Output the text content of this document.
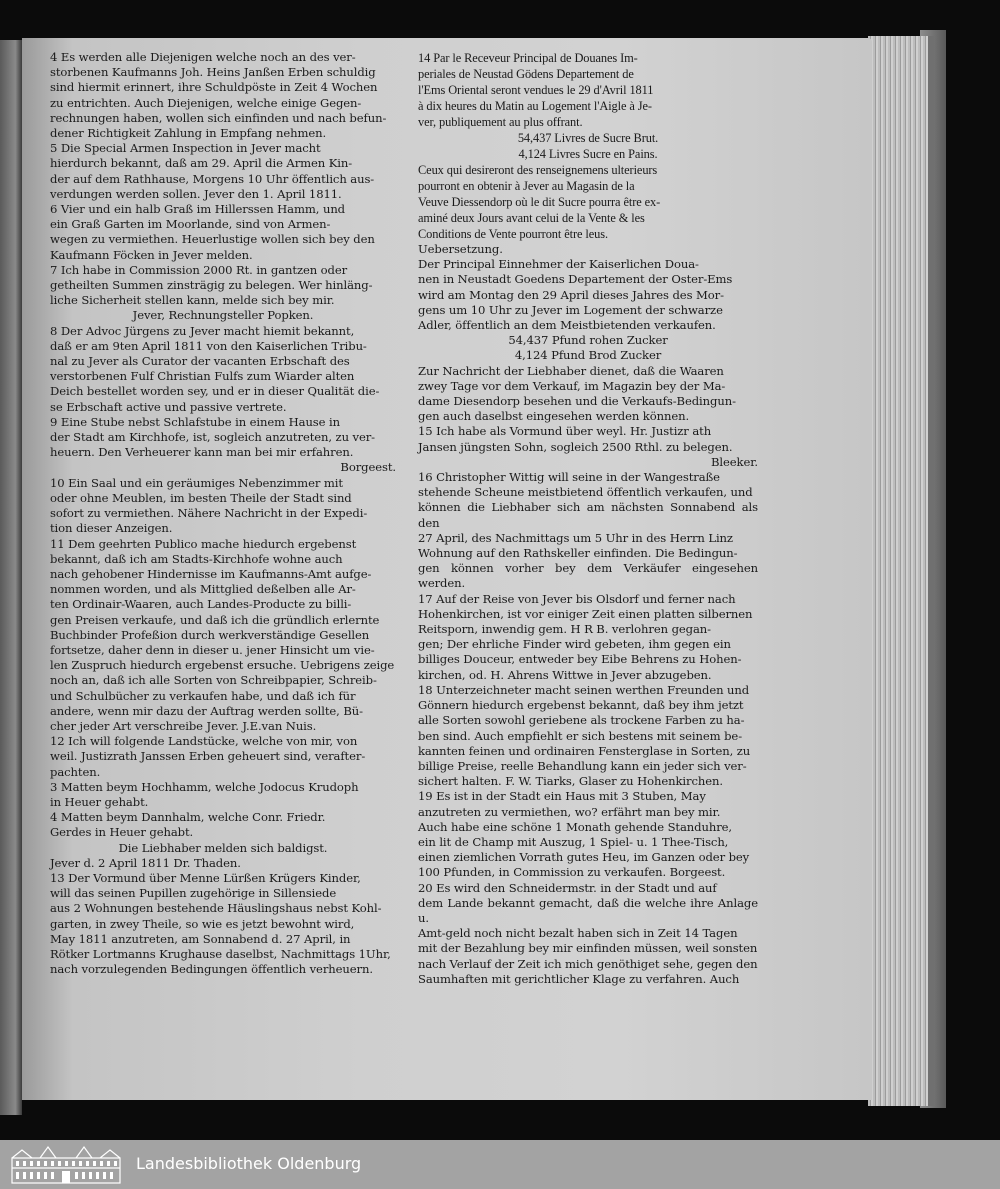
4 Es werden alle Diejenigen welche noch an des ver-
storbenen Kaufmanns Joh. Heins Janßen Erben schuldig
sind hiermit erinnert, ihre Schuldpöste in Zeit 4 Wochen
zu entrichten. Auch Diejenigen, welche einige Gegen-
rechnungen haben, wollen sich einfinden und nach befun-
dener Richtigkeit Zahlung in Empfang nehmen.

5 Die Special Armen Inspection in Jever macht
hierdurch bekannt, daß am 29. April die Armen Kin-
der auf dem Rathhause, Morgens 10 Uhr öffentlich aus-
verdungen werden sollen. Jever den 1. April 1811.

6 Vier und ein halb Graß im Hillerssen Hamm, und
ein Graß Garten im Moorlande, sind von Armen-
wegen zu vermiethen. Heuerlustige wollen sich bey den
Kaufmann Föcken in Jever melden.

7 Ich habe in Commission 2000 Rt. in gantzen oder
getheilten Summen zinsträgig zu belegen. Wer hinläng-
liche Sicherheit stellen kann, melde sich bey mir.

Jever, Rechnungsteller Popken.

8 Der Advoc Jürgens zu Jever macht hiemit bekannt,
daß er am 9ten April 1811 von den Kaiserlichen Tribu-
nal zu Jever als Curator der vacanten Erbschaft des
verstorbenen Fulf Christian Fulfs zum Wiarder alten
Deich bestellet worden sey, und er in dieser Qualität die-
se Erbschaft active und passive vertrete.

9 Eine Stube nebst Schlafstube in einem Hause in
der Stadt am Kirchhofe, ist, sogleich anzutreten, zu ver-
heuern. Den Verheuerer kann man bei mir erfahren.

Borgeest.

10 Ein Saal und ein geräumiges Nebenzimmer mit
oder ohne Meublen, im besten Theile der Stadt sind
sofort zu vermiethen. Nähere Nachricht in der Expedi-
tion dieser Anzeigen.

11 Dem geehrten Publico mache hiedurch ergebenst
bekannt, daß ich am Stadts-Kirchhofe wohne auch
nach gehobener Hindernisse im Kaufmanns-Amt aufge-
nommen worden, und als Mittglied deßelben alle Ar-
ten Ordinair-Waaren, auch Landes-Producte zu billi-
gen Preisen verkaufe, und daß ich die gründlich erlernte
Buchbinder Profeßion durch werkverständige Gesellen
fortsetze, daher denn in dieser u. jener Hinsicht um vie-
len Zuspruch hiedurch ergebenst ersuche. Uebrigens zeige
noch an, daß ich alle Sorten von Schreibpapier, Schreib-
und Schulbücher zu verkaufen habe, und daß ich für
andere, wenn mir dazu der Auftrag werden sollte, Bü-
cher jeder Art verschreibe Jever. J.E.van Nuis.

12 Ich will folgende Landstücke, welche von mir, von
weil. Justizrath Janssen Erben geheuert sind, verafter-
pachten.

3 Matten beym Hochhamm, welche Jodocus Krudoph
in Heuer gehabt.

4 Matten beym Dannhalm, welche Conr. Friedr.
Gerdes in Heuer gehabt.

Die Liebhaber melden sich baldigst.

Jever d. 2 April 1811 Dr. Thaden.

13 Der Vormund über Menne Lürßen Krügers Kinder,
will das seinen Pupillen zugehörige in Sillensiede
aus 2 Wohnungen bestehende Häuslingshaus nebst Kohl-
garten, in zwey Theile, so wie es jetzt bewohnt wird,
May 1811 anzutreten, am Sonnabend d. 27 April, in
Rötker Lortmanns Krughause daselbst, Nachmittags 1Uhr,
nach vorzulegenden Bedingungen öffentlich verheuern.

14 Par le Receveur Principal de Douanes Im-
periales de Neustad Gödens Departement de
l'Ems Oriental seront vendues le 29 d'Avril 1811
à dix heures du Matin au Logement l'Aigle à Je-
ver, publiquement au plus offrant.

54,437 Livres de Sucre Brut.

4,124 Livres Sucre en Pains.

Ceux qui desireront des renseignemens ulterieurs
pourront en obtenir à Jever au Magasin de la
Veuve Diessendorp où le dit Sucre pourra être ex-
aminé deux Jours avant celui de la Vente & les
Conditions de Vente pourront être leus.

Uebersetzung.

Der Principal Einnehmer der Kaiserlichen Doua-
nen in Neustadt Goedens Departement der Oster-Ems
wird am Montag den 29 April dieses Jahres des Mor-
gens um 10 Uhr zu Jever im Logement der schwarze
Adler, öffentlich an dem Meistbietenden verkaufen.

54,437 Pfund rohen Zucker

4,124 Pfund Brod Zucker

Zur Nachricht der Liebhaber dienet, daß die Waaren
zwey Tage vor dem Verkauf, im Magazin bey der Ma-
dame Diesendorp besehen und die Verkaufs-Bedingun-
gen auch daselbst eingesehen werden können.

15 Ich habe als Vormund über weyl. Hr. Justizr ath
Jansen jüngsten Sohn, sogleich 2500 Rthl. zu belegen.

Bleeker.

16 Christopher Wittig will seine in der Wangestraße
stehende Scheune meistbietend öffentlich verkaufen, und
können die Liebhaber sich am nächsten Sonnabend als den
27 April, des Nachmittags um 5 Uhr in des Herrn Linz
Wohnung auf den Rathskeller einfinden. Die Bedingun-
gen können vorher bey dem Verkäufer eingesehen werden.

17 Auf der Reise von Jever bis Olsdorf und ferner nach
Hohenkirchen, ist vor einiger Zeit einen platten silbernen
Reitsporn, inwendig gem. H R B. verlohren gegan-
gen; Der ehrliche Finder wird gebeten, ihm gegen ein
billiges Douceur, entweder bey Eibe Behrens zu Hohen-
kirchen, od. H. Ahrens Wittwe in Jever abzugeben.

18 Unterzeichneter macht seinen werthen Freunden und
Gönnern hiedurch ergebenst bekannt, daß bey ihm jetzt
alle Sorten sowohl geriebene als trockene Farben zu ha-
ben sind. Auch empfiehlt er sich bestens mit seinem be-
kannten feinen und ordinairen Fensterglase in Sorten, zu
billige Preise, reelle Behandlung kann ein jeder sich ver-
sichert halten. F. W. Tiarks, Glaser zu Hohenkirchen.

19 Es ist in der Stadt ein Haus mit 3 Stuben, May
anzutreten zu vermiethen, wo? erfährt man bey mir.
Auch habe eine schöne 1 Monath gehende Standuhre,
ein lit de Champ mit Auszug, 1 Spiel- u. 1 Thee-Tisch,
einen ziemlichen Vorrath gutes Heu, im Ganzen oder bey
100 Pfunden, in Commission zu verkaufen. Borgeest.

20 Es wird den Schneidermstr. in der Stadt und auf
dem Lande bekannt gemacht, daß die welche ihre Anlage u.
Amt-geld noch nicht bezalt haben sich in Zeit 14 Tagen
mit der Bezahlung bey mir einfinden müssen, weil sonsten
nach Verlauf der Zeit ich mich genöthiget sehe, gegen den
Saumhaften mit gerichtlicher Klage zu verfahren. Auch

Landesbibliothek Oldenburg
